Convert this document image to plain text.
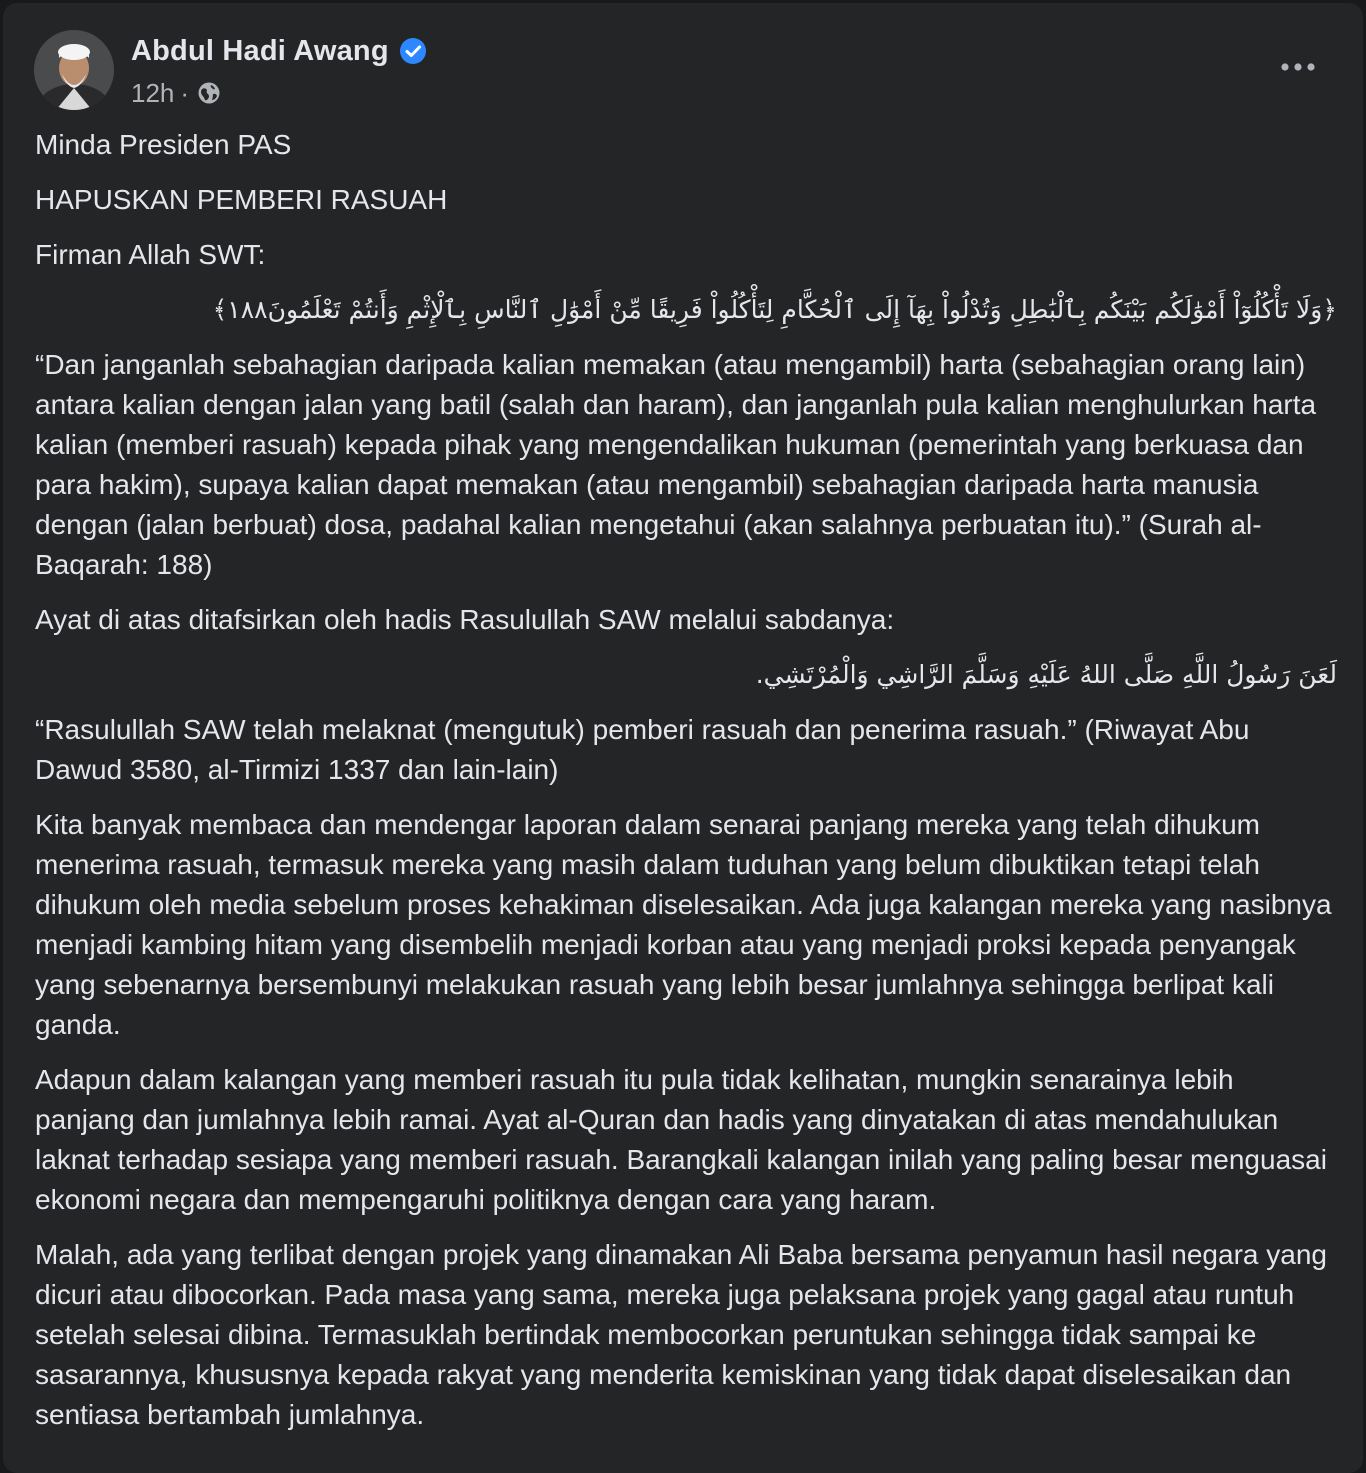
Abdul Hadi Awang
12h ·

Minda Presiden PAS

HAPUSKAN PEMBERI RASUAH

Firman Allah SWT:

﴿وَلَا تَأْكُلُوٓاْ أَمْوَٰلَكُم بَيْنَكُم بِٱلْبَٰطِلِ وَتُدْلُواْ بِهَآ إِلَى ٱلْحُكَّامِ لِتَأْكُلُواْ فَرِيقًا مِّنْ أَمْوَٰلِ ٱلنَّاسِ بِٱلْإِثْمِ وَأَنتُمْ تَعْلَمُونَ١٨٨﴾

“Dan janganlah sebahagian daripada kalian memakan (atau mengambil) harta (sebahagian orang lain) antara kalian dengan jalan yang batil (salah dan haram), dan janganlah pula kalian menghulurkan harta kalian (memberi rasuah) kepada pihak yang mengendalikan hukuman (pemerintah yang berkuasa dan para hakim), supaya kalian dapat memakan (atau mengambil) sebahagian daripada harta manusia dengan (jalan berbuat) dosa, padahal kalian mengetahui (akan salahnya perbuatan itu).” (Surah al-Baqarah: 188)

Ayat di atas ditafsirkan oleh hadis Rasulullah SAW melalui sabdanya:

لَعَنَ رَسُولُ اللَّهِ صَلَّى اللهُ عَلَيْهِ وَسَلَّمَ الرَّاشِي وَالْمُرْتَشِي.

“Rasulullah SAW telah melaknat (mengutuk) pemberi rasuah dan penerima rasuah.” (Riwayat Abu Dawud 3580, al-Tirmizi 1337 dan lain-lain)

Kita banyak membaca dan mendengar laporan dalam senarai panjang mereka yang telah dihukum menerima rasuah, termasuk mereka yang masih dalam tuduhan yang belum dibuktikan tetapi telah dihukum oleh media sebelum proses kehakiman diselesaikan. Ada juga kalangan mereka yang nasibnya menjadi kambing hitam yang disembelih menjadi korban atau yang menjadi proksi kepada penyangak yang sebenarnya bersembunyi melakukan rasuah yang lebih besar jumlahnya sehingga berlipat kali ganda.

Adapun dalam kalangan yang memberi rasuah itu pula tidak kelihatan, mungkin senarainya lebih panjang dan jumlahnya lebih ramai. Ayat al-Quran dan hadis yang dinyatakan di atas mendahulukan laknat terhadap sesiapa yang memberi rasuah. Barangkali kalangan inilah yang paling besar menguasai ekonomi negara dan mempengaruhi politiknya dengan cara yang haram.

Malah, ada yang terlibat dengan projek yang dinamakan Ali Baba bersama penyamun hasil negara yang dicuri atau dibocorkan. Pada masa yang sama, mereka juga pelaksana projek yang gagal atau runtuh setelah selesai dibina. Termasuklah bertindak membocorkan peruntukan sehingga tidak sampai ke sasarannya, khususnya kepada rakyat yang menderita kemiskinan yang tidak dapat diselesaikan dan sentiasa bertambah jumlahnya.
